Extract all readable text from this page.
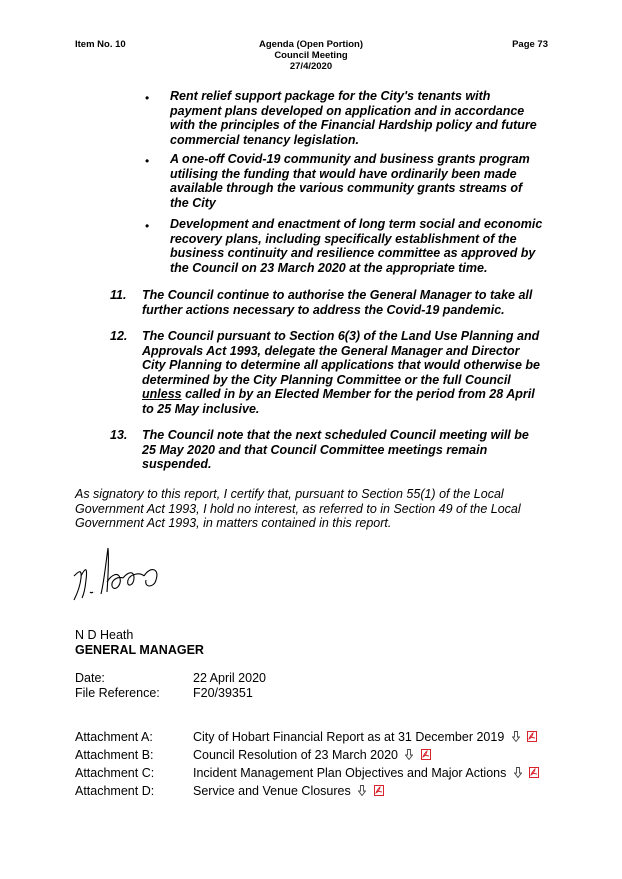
Item No. 10	Agenda (Open Portion)
Council Meeting
27/4/2020
Page 73
• Rent relief support package for the City's tenants with
payment plans developed on application and in accordance
with the principles of the Financial Hardship policy and future
commercial tenancy legislation.
• A one-off Covid-19 community and business grants program
utilising the funding that would have ordinarily been made
available through the various community grants streams of
the City
• Development and enactment of long term social and economic
recovery plans, including specifically establishment of the
business continuity and resilience committee as approved by
the Council on 23 March 2020 at the appropriate time.
11. The Council continue to authorise the General Manager to take all
further actions necessary to address the Covid-19 pandemic.
12. The Council pursuant to Section 6(3) of the Land Use Planning and
Approvals Act 1993, delegate the General Manager and Director
City Planning to determine all applications that would otherwise be
determined by the City Planning Committee or the full Council
unless called in by an Elected Member for the period from 28 April
to 25 May inclusive.
13. The Council note that the next scheduled Council meeting will be
25 May 2020 and that Council Committee meetings remain
suspended.
As signatory to this report, I certify that, pursuant to Section 55(1) of the Local
Government Act 1993, I hold no interest, as referred to in Section 49 of the Local
Government Act 1993, in matters contained in this report.
N D Heath
GENERAL MANAGER
Date:	22 April 2020
File Reference:	F20/39351
Attachment A:	City of Hobart Financial Report as at 31 December 2019
Attachment B:	Council Resolution of 23 March 2020
Attachment C:	Incident Management Plan Objectives and Major Actions
Attachment D:	Service and Venue Closures
